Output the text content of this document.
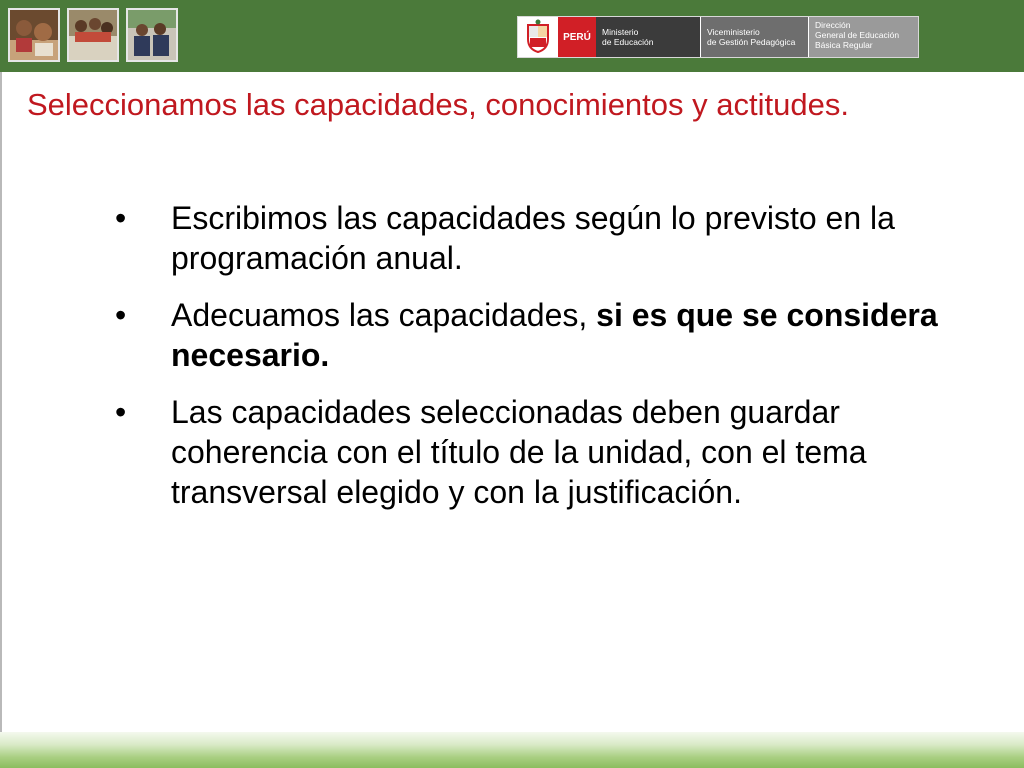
PERÚ	Ministerio
de Educación
Viceministerio
de Gestión Pedagógica
Dirección
General de Educación
Básica Regular
Seleccionamos las capacidades, conocimientos y actitudes.
• Escribimos las capacidades según lo previsto en la programación anual.
• Adecuamos las capacidades, si es que se considera necesario.
• Las capacidades seleccionadas deben guardar coherencia con el título de la unidad, con el tema transversal elegido y con la justificación.
